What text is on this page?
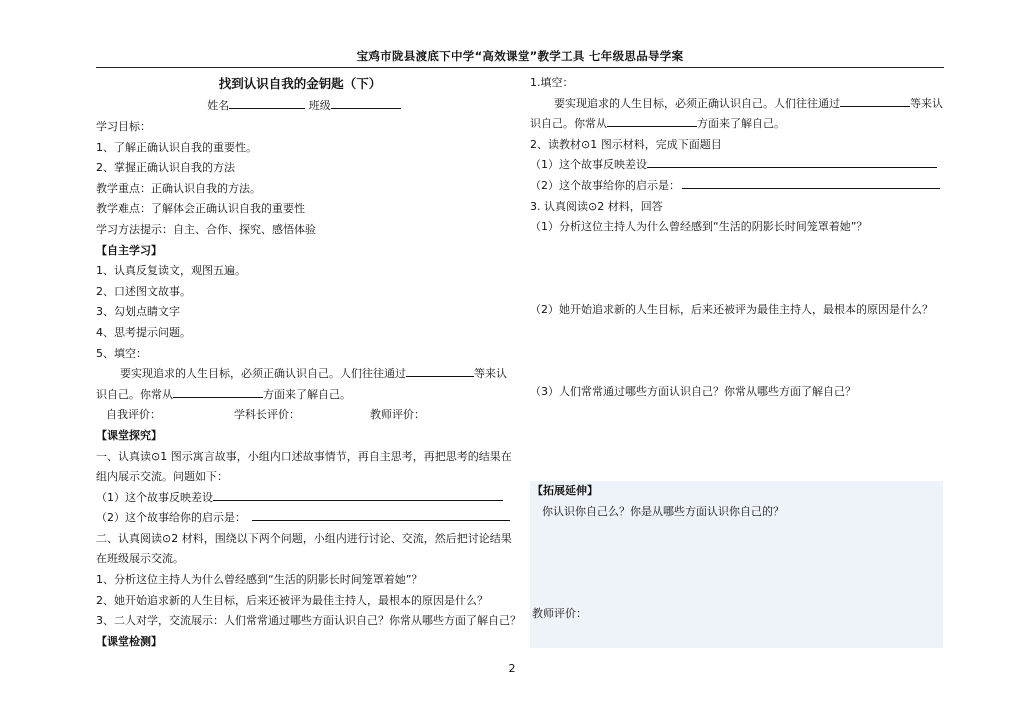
宝鸡市陇县渡底下中学“高效课堂”教学工具 七年级思品导学案
找到认识自我的金钥匙（下）
姓名	班级
学习目标：
1、了解正确认识自我的重要性。
2、掌握正确认识自我的方法
教学重点：正确认识自我的方法。
教学难点：了解体会正确认识自我的重要性
学习方法提示：自主、合作、探究、感悟体验
【自主学习】
1、认真反复读文，观图五遍。
2、口述图文故事。
3、勾划点睛文字
4、思考提示问题。
5、填空：
要实现追求的人生目标，必须正确认识自己。人们往往通过	等来认
识自己。你常从	方面来了解自己。
自我评价：	学科长评价：	教师评价：
【课堂探究】
一、认真读⊙1 图示寓言故事，小组内口述故事情节，再自主思考，再把思考的结果在
组内展示交流。问题如下：
（1）这个故事反映差设
（2）这个故事给你的启示是：
二、认真阅读⊙2 材料，围绕以下两个问题，小组内进行讨论、交流，然后把讨论结果
在班级展示交流。
1、分析这位主持人为什么曾经感到“生活的阴影长时间笼罩着她”？
2、她开始追求新的人生目标，后来还被评为最佳主持人，最根本的原因是什么？
3、二人对学，交流展示：人们常常通过哪些方面认识自己？你常从哪些方面了解自己？
【课堂检测】
1.填空：
要实现追求的人生目标，必须正确认识自己。人们往往通过	等来认
识自己。你常从	方面来了解自己。
2、读教材⊙1 图示材料，完成下面题目
（1）这个故事反映差设
（2）这个故事给你的启示是：
3. 认真阅读⊙2 材料，回答
（1）分析这位主持人为什么曾经感到“生活的阴影长时间笼罩着她”？
（2）她开始追求新的人生目标，后来还被评为最佳主持人，最根本的原因是什么？
（3）人们常常通过哪些方面认识自己？你常从哪些方面了解自己？
【拓展延伸】
你认识你自己么？你是从哪些方面认识你自己的？
教师评价：
2
